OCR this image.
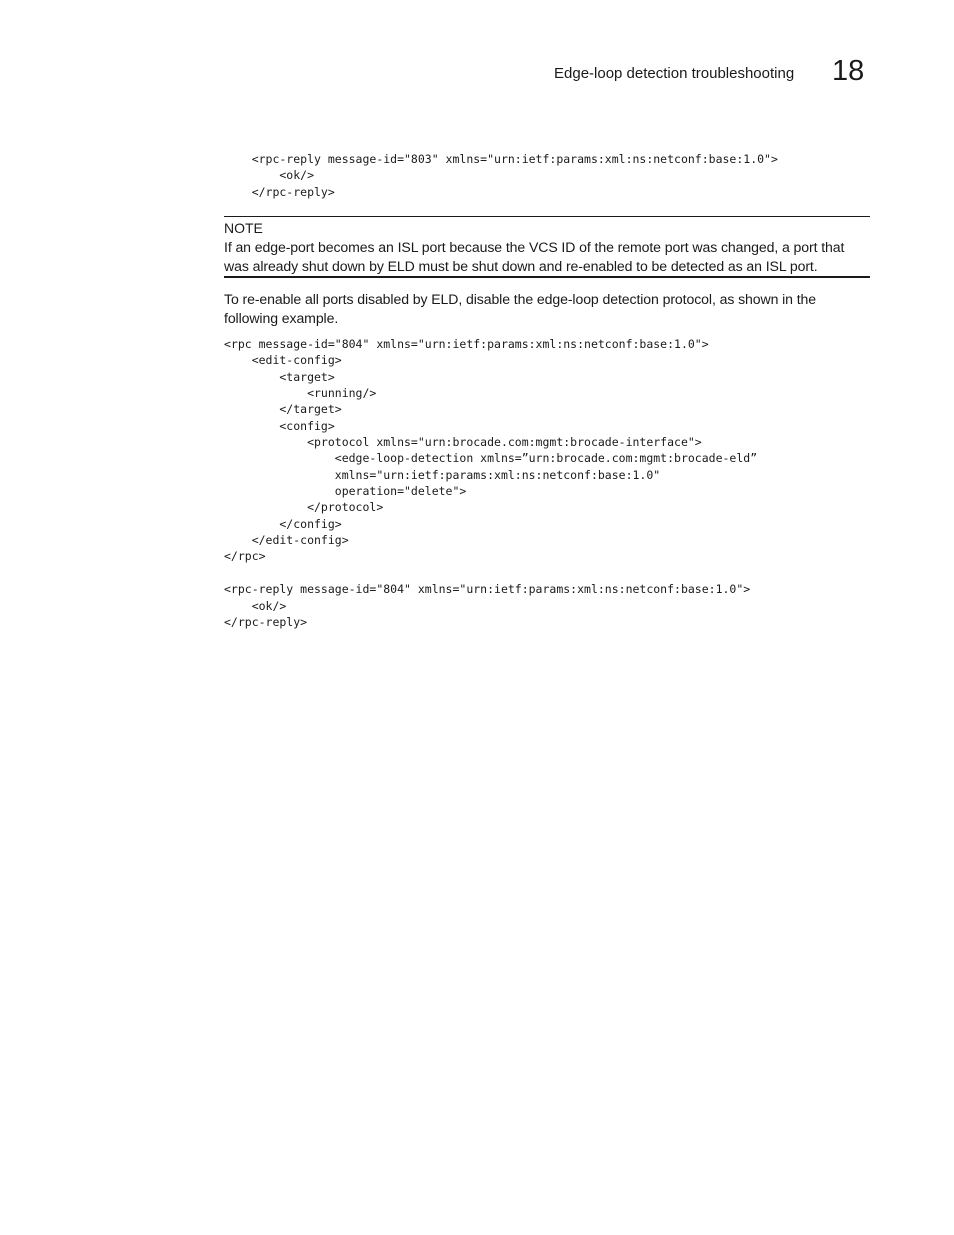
Edge-loop detection troubleshooting 18
<rpc-reply message-id="803" xmlns="urn:ietf:params:xml:ns:netconf:base:1.0">
<ok/>
</rpc-reply>
NOTE
If an edge-port becomes an ISL port because the VCS ID of the remote port was changed, a port that was already shut down by ELD must be shut down and re-enabled to be detected as an ISL port.
To re-enable all ports disabled by ELD, disable the edge-loop detection protocol, as shown in the following example.
<rpc message-id="804" xmlns="urn:ietf:params:xml:ns:netconf:base:1.0">
<edit-config>
<target>
<running/>
</target>
<config>
<protocol xmlns="urn:brocade.com:mgmt:brocade-interface">
<edge-loop-detection xmlns=”urn:brocade.com:mgmt:brocade-eld”
xmlns="urn:ietf:params:xml:ns:netconf:base:1.0"
operation="delete">
</protocol>
</config>
</edit-config>
</rpc>

<rpc-reply message-id="804" xmlns="urn:ietf:params:xml:ns:netconf:base:1.0">
<ok/>
</rpc-reply>
